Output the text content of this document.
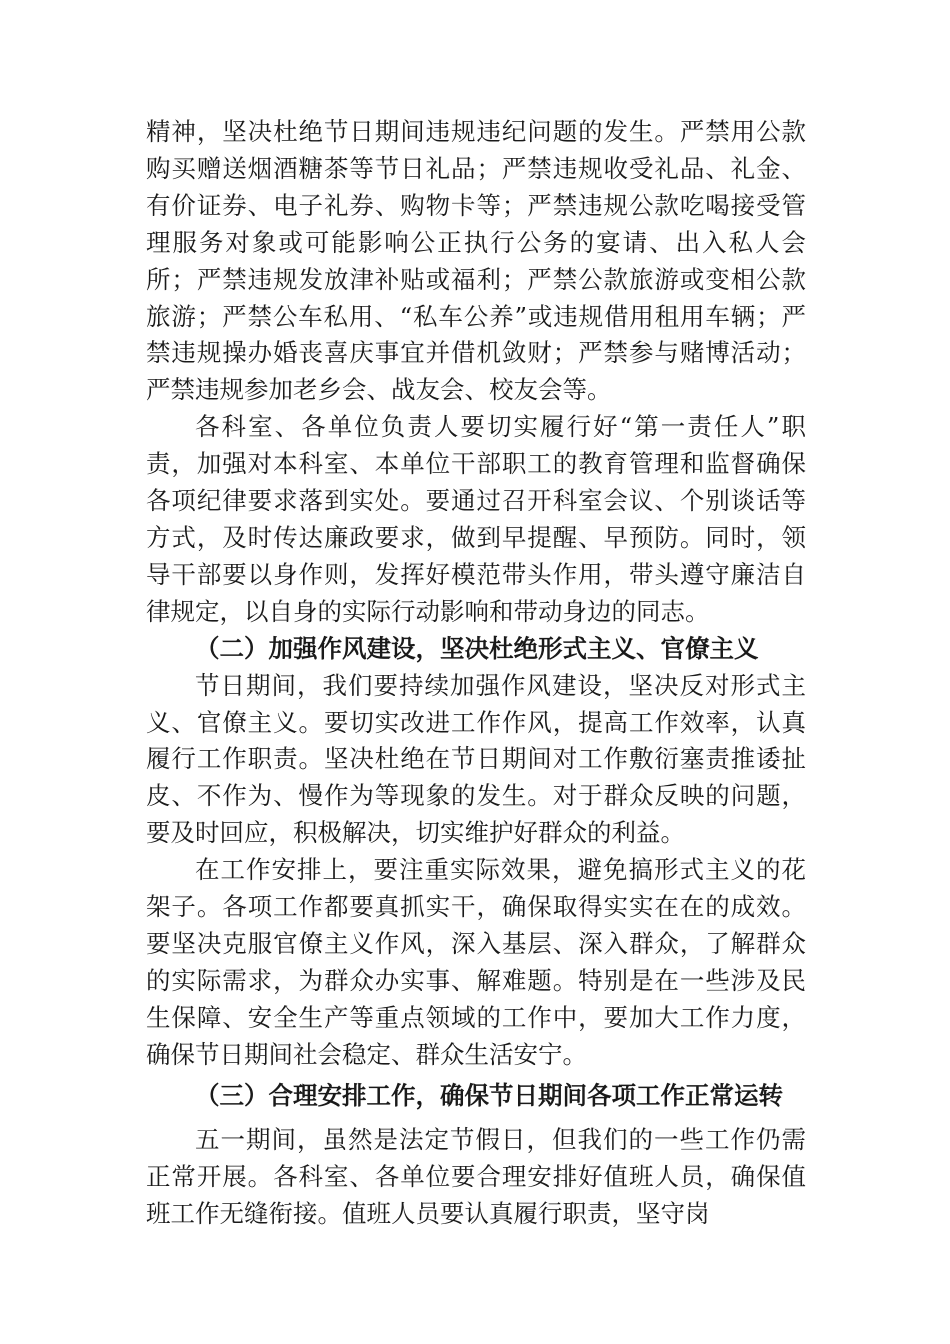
精神，坚决杜绝节日期间违规违纪问题的发生。严禁用公款购买赠送烟酒糖茶等节日礼品；严禁违规收受礼品、礼金、有价证券、电子礼券、购物卡等；严禁违规公款吃喝接受管理服务对象或可能影响公正执行公务的宴请、出入私人会所；严禁违规发放津补贴或福利；严禁公款旅游或变相公款旅游；严禁公车私用、“私车公养”或违规借用租用车辆；严禁违规操办婚丧喜庆事宜并借机敛财；严禁参与赌博活动；严禁违规参加老乡会、战友会、校友会等。

各科室、各单位负责人要切实履行好“第一责任人”职责，加强对本科室、本单位干部职工的教育管理和监督确保各项纪律要求落到实处。要通过召开科室会议、个别谈话等方式，及时传达廉政要求，做到早提醒、早预防。同时，领导干部要以身作则，发挥好模范带头作用，带头遵守廉洁自律规定，以自身的实际行动影响和带动身边的同志。

（二）加强作风建设，坚决杜绝形式主义、官僚主义

节日期间，我们要持续加强作风建设，坚决反对形式主义、官僚主义。要切实改进工作作风，提高工作效率，认真履行工作职责。坚决杜绝在节日期间对工作敷衍塞责推诿扯皮、不作为、慢作为等现象的发生。对于群众反映的问题，要及时回应，积极解决，切实维护好群众的利益。

在工作安排上，要注重实际效果，避免搞形式主义的花架子。各项工作都要真抓实干，确保取得实实在在的成效。要坚决克服官僚主义作风，深入基层、深入群众，了解群众的实际需求，为群众办实事、解难题。特别是在一些涉及民生保障、安全生产等重点领域的工作中，要加大工作力度，确保节日期间社会稳定、群众生活安宁。

（三）合理安排工作，确保节日期间各项工作正常运转

五一期间，虽然是法定节假日，但我们的一些工作仍需正常开展。各科室、各单位要合理安排好值班人员，确保值班工作无缝衔接。值班人员要认真履行职责，坚守岗
